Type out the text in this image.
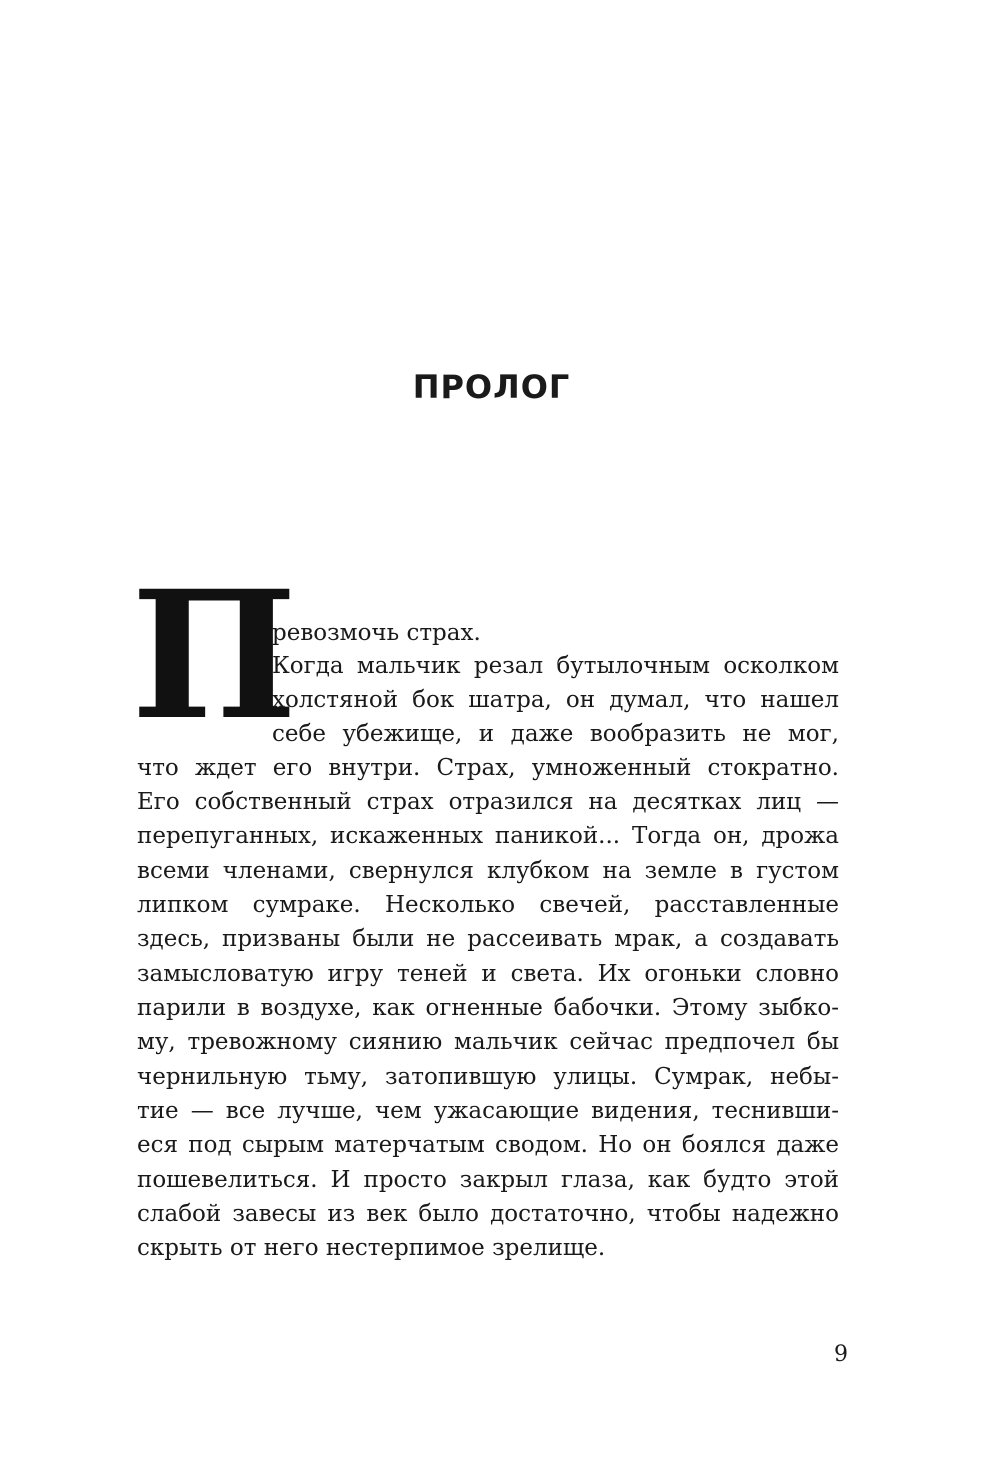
ПРОЛОГ
П

ревозмочь страх.

Когда мальчик резал бутылочным осколком

холстяной бок шатра, он думал, что нашел

себе убежище, и даже вообразить не мог,

что ждет его внутри. Страх, умноженный стократно.

Его собственный страх отразился на десятках лиц —

перепуганных, искаженных паникой... Тогда он, дрожа

всеми членами, свернулся клубком на земле в густом

липком сумраке. Несколько свечей, расставленные

здесь, призваны были не рассеивать мрак, а создавать

замысловатую игру теней и света. Их огоньки словно

парили в воздухе, как огненные бабочки. Этому зыбко-

му, тревожному сиянию мальчик сейчас предпочел бы

чернильную тьму, затопившую улицы. Сумрак, небы-

тие — все лучше, чем ужасающие видения, теснивши-

еся под сырым матерчатым сводом. Но он боялся даже

пошевелиться. И просто закрыл глаза, как будто этой

слабой завесы из век было достаточно, чтобы надежно

скрыть от него нестерпимое зрелище.

9
